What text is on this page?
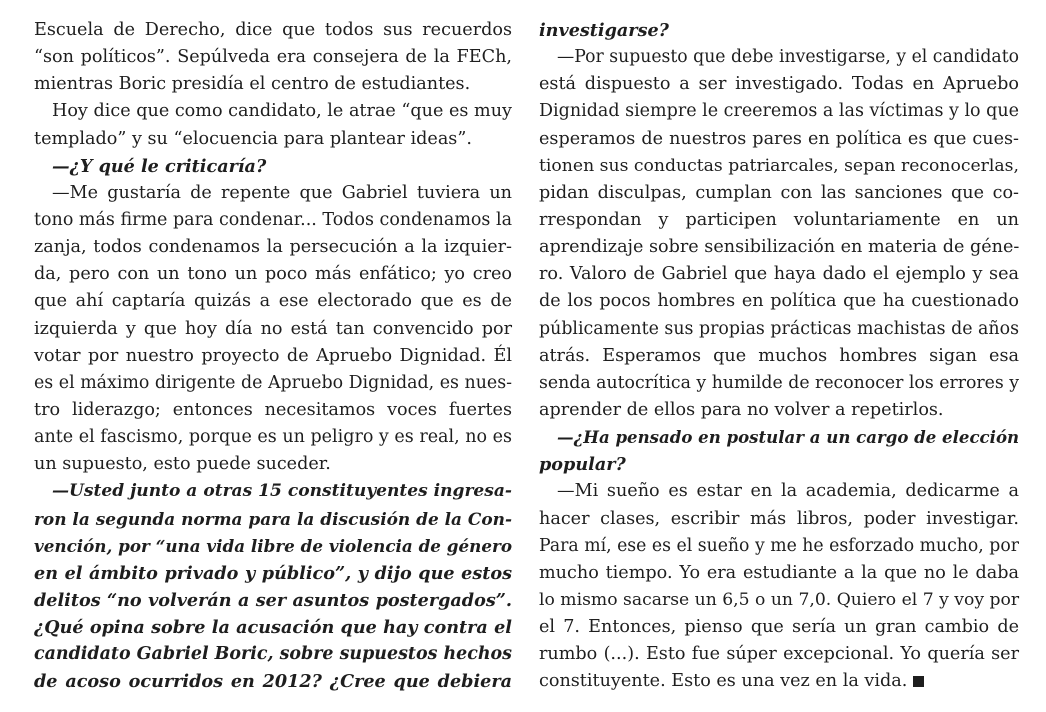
Escuela de Derecho, dice que todos sus recuerdos
“son políticos”. Sepúlveda era consejera de la FECh,
mientras Boric presidía el centro de estudiantes.
Hoy dice que como candidato, le atrae “que es muy
templado” y su “elocuencia para plantear ideas”.
—¿Y qué le criticaría?
—Me gustaría de repente que Gabriel tuviera un
tono más firme para condenar... Todos condenamos la
zanja, todos condenamos la persecución a la izquier-
da, pero con un tono un poco más enfático; yo creo
que ahí captaría quizás a ese electorado que es de
izquierda y que hoy día no está tan convencido por
votar por nuestro proyecto de Apruebo Dignidad. Él
es el máximo dirigente de Apruebo Dignidad, es nues-
tro liderazgo; entonces necesitamos voces fuertes
ante el fascismo, porque es un peligro y es real, no es
un supuesto, esto puede suceder.
—Usted junto a otras 15 constituyentes ingresa-
ron la segunda norma para la discusión de la Con-
vención, por “una vida libre de violencia de género
en el ámbito privado y público”, y dijo que estos
delitos “no volverán a ser asuntos postergados”.
¿Qué opina sobre la acusación que hay contra el
candidato Gabriel Boric, sobre supuestos hechos
de acoso ocurridos en 2012? ¿Cree que debiera
investigarse?
—Por supuesto que debe investigarse, y el candidato
está dispuesto a ser investigado. Todas en Apruebo
Dignidad siempre le creeremos a las víctimas y lo que
esperamos de nuestros pares en política es que cues-
tionen sus conductas patriarcales, sepan reconocerlas,
pidan disculpas, cumplan con las sanciones que co-
rrespondan y participen voluntariamente en un
aprendizaje sobre sensibilización en materia de géne-
ro. Valoro de Gabriel que haya dado el ejemplo y sea
de los pocos hombres en política que ha cuestionado
públicamente sus propias prácticas machistas de años
atrás. Esperamos que muchos hombres sigan esa
senda autocrítica y humilde de reconocer los errores y
aprender de ellos para no volver a repetirlos.
—¿Ha pensado en postular a un cargo de elección
popular?
—Mi sueño es estar en la academia, dedicarme a
hacer clases, escribir más libros, poder investigar.
Para mí, ese es el sueño y me he esforzado mucho, por
mucho tiempo. Yo era estudiante a la que no le daba
lo mismo sacarse un 6,5 o un 7,0. Quiero el 7 y voy por
el 7. Entonces, pienso que sería un gran cambio de
rumbo (...). Esto fue súper excepcional. Yo quería ser
constituyente. Esto es una vez en la vida.
